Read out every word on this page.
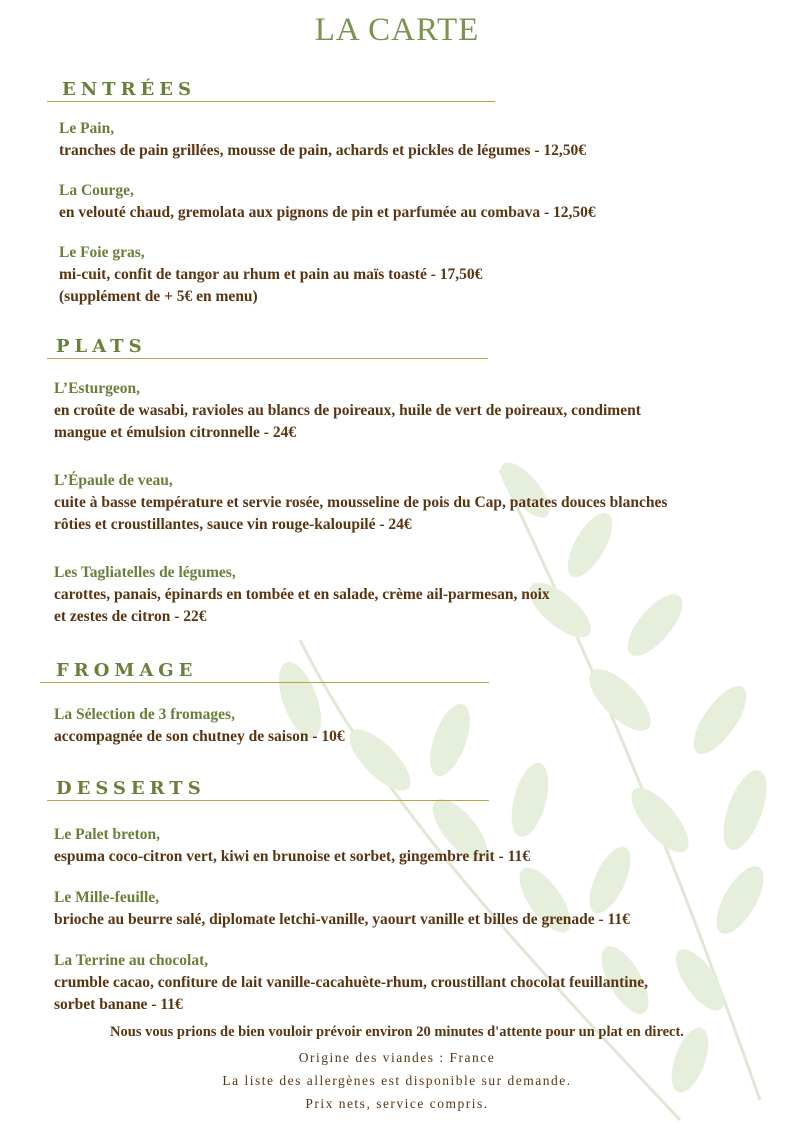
LA CARTE
ENTRÉES
Le Pain,
tranches de pain grillées, mousse de pain, achards et pickles de légumes - 12,50€
La Courge,
en velouté chaud, gremolata aux pignons de pin et parfumée au combava - 12,50€
Le Foie gras,
mi-cuit, confit de tangor au rhum et pain au maïs toasté - 17,50€
(supplément de + 5€ en menu)
PLATS
L’Esturgeon,
en croûte de wasabi, ravioles au blancs de poireaux, huile de vert de poireaux, condiment
mangue et émulsion citronnelle - 24€
L’Épaule de veau,
cuite à basse température et servie rosée, mousseline de pois du Cap, patates douces blanches
rôties et croustillantes, sauce vin rouge-kaloupilé - 24€
Les Tagliatelles de légumes,
carottes, panais, épinards en tombée et en salade, crème ail-parmesan, noix
et zestes de citron - 22€
FROMAGE
La Sélection de 3 fromages,
accompagnée de son chutney de saison - 10€
DESSERTS
Le Palet breton,
espuma coco-citron vert, kiwi en brunoise et sorbet, gingembre frit - 11€
Le Mille-feuille,
brioche au beurre salé, diplomate letchi-vanille, yaourt vanille et billes de grenade - 11€
La Terrine au chocolat,
crumble cacao, confiture de lait vanille-cacahuète-rhum, croustillant chocolat feuillantine,
sorbet banane - 11€
Nous vous prions de bien vouloir prévoir environ 20 minutes d'attente pour un plat en direct.
Origine des viandes : France
La liste des allergènes est disponible sur demande.
Prix nets, service compris.
